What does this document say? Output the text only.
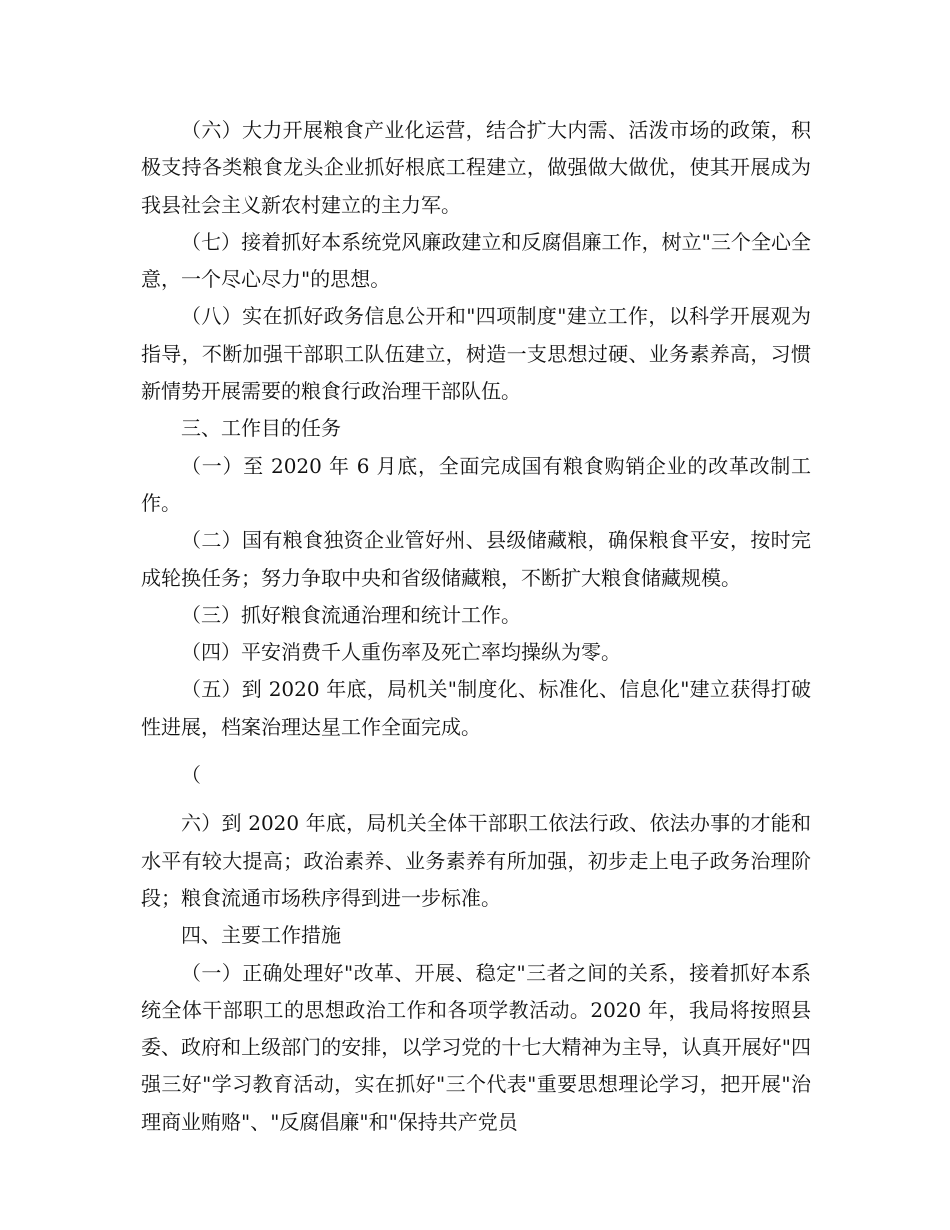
（六）大力开展粮食产业化运营，结合扩大内需、活泼市场的政策，积极支持各类粮食龙头企业抓好根底工程建立，做强做大做优，使其开展成为我县社会主义新农村建立的主力军。

（七）接着抓好本系统党风廉政建立和反腐倡廉工作，树立"三个全心全意，一个尽心尽力"的思想。

（八）实在抓好政务信息公开和"四项制度"建立工作，以科学开展观为指导，不断加强干部职工队伍建立，树造一支思想过硬、业务素养高，习惯新情势开展需要的粮食行政治理干部队伍。

三、工作目的任务

（一）至 2020 年 6 月底，全面完成国有粮食购销企业的改革改制工作。

（二）国有粮食独资企业管好州、县级储藏粮，确保粮食平安，按时完成轮换任务；努力争取中央和省级储藏粮，不断扩大粮食储藏规模。

（三）抓好粮食流通治理和统计工作。

（四）平安消费千人重伤率及死亡率均操纵为零。

（五）到 2020 年底，局机关"制度化、标准化、信息化"建立获得打破性进展，档案治理达星工作全面完成。

（

六）到 2020 年底，局机关全体干部职工依法行政、依法办事的才能和水平有较大提高；政治素养、业务素养有所加强，初步走上电子政务治理阶段；粮食流通市场秩序得到进一步标准。

四、主要工作措施

（一）正确处理好"改革、开展、稳定"三者之间的关系，接着抓好本系统全体干部职工的思想政治工作和各项学教活动。2020 年，我局将按照县委、政府和上级部门的安排，以学习党的十七大精神为主导，认真开展好"四强三好"学习教育活动，实在抓好"三个代表"重要思想理论学习，把开展"治理商业贿赂"、"反腐倡廉"和"保持共产党员
